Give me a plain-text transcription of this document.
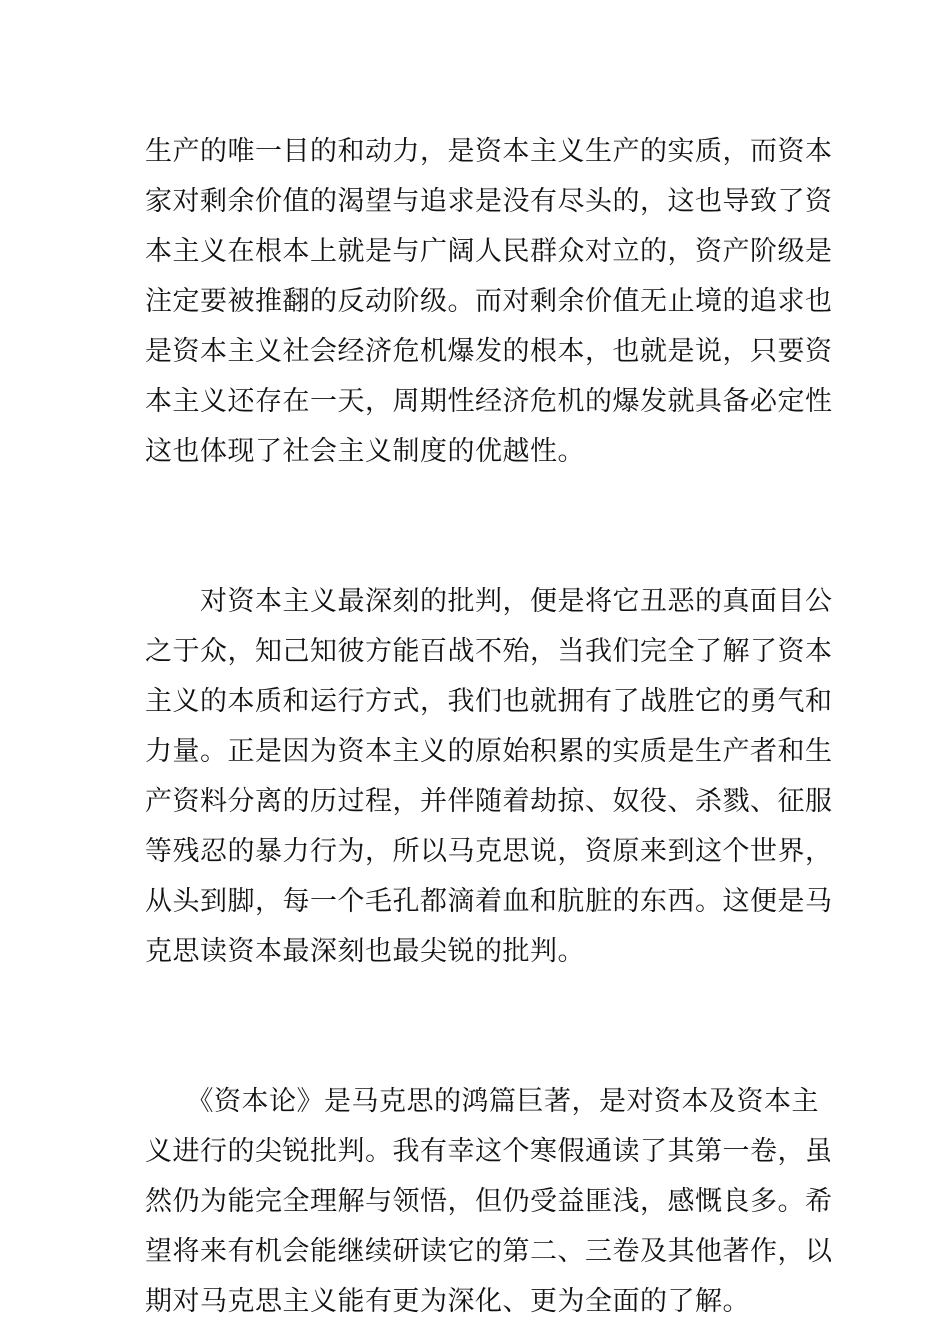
生产的唯一目的和动力，是资本主义生产的实质，而资本
家对剩余价值的渴望与追求是没有尽头的，这也导致了资
本主义在根本上就是与广阔人民群众对立的，资产阶级是
注定要被推翻的反动阶级。而对剩余价值无止境的追求也
是资本主义社会经济危机爆发的根本，也就是说，只要资
本主义还存在一天，周期性经济危机的爆发就具备必定性
这也体现了社会主义制度的优越性。
　　对资本主义最深刻的批判，便是将它丑恶的真面目公
之于众，知己知彼方能百战不殆，当我们完全了解了资本
主义的本质和运行方式，我们也就拥有了战胜它的勇气和
力量。正是因为资本主义的原始积累的实质是生产者和生
产资料分离的历过程，并伴随着劫掠、奴役、杀戮、征服
等残忍的暴力行为，所以马克思说，资原来到这个世界，
从头到脚，每一个毛孔都滴着血和肮脏的东西。这便是马
克思读资本最深刻也最尖锐的批判。
　　《资本论》是马克思的鸿篇巨著，是对资本及资本主
义进行的尖锐批判。我有幸这个寒假通读了其第一卷，虽
然仍为能完全理解与领悟，但仍受益匪浅，感慨良多。希
望将来有机会能继续研读它的第二、三卷及其他著作，以
期对马克思主义能有更为深化、更为全面的了解。
